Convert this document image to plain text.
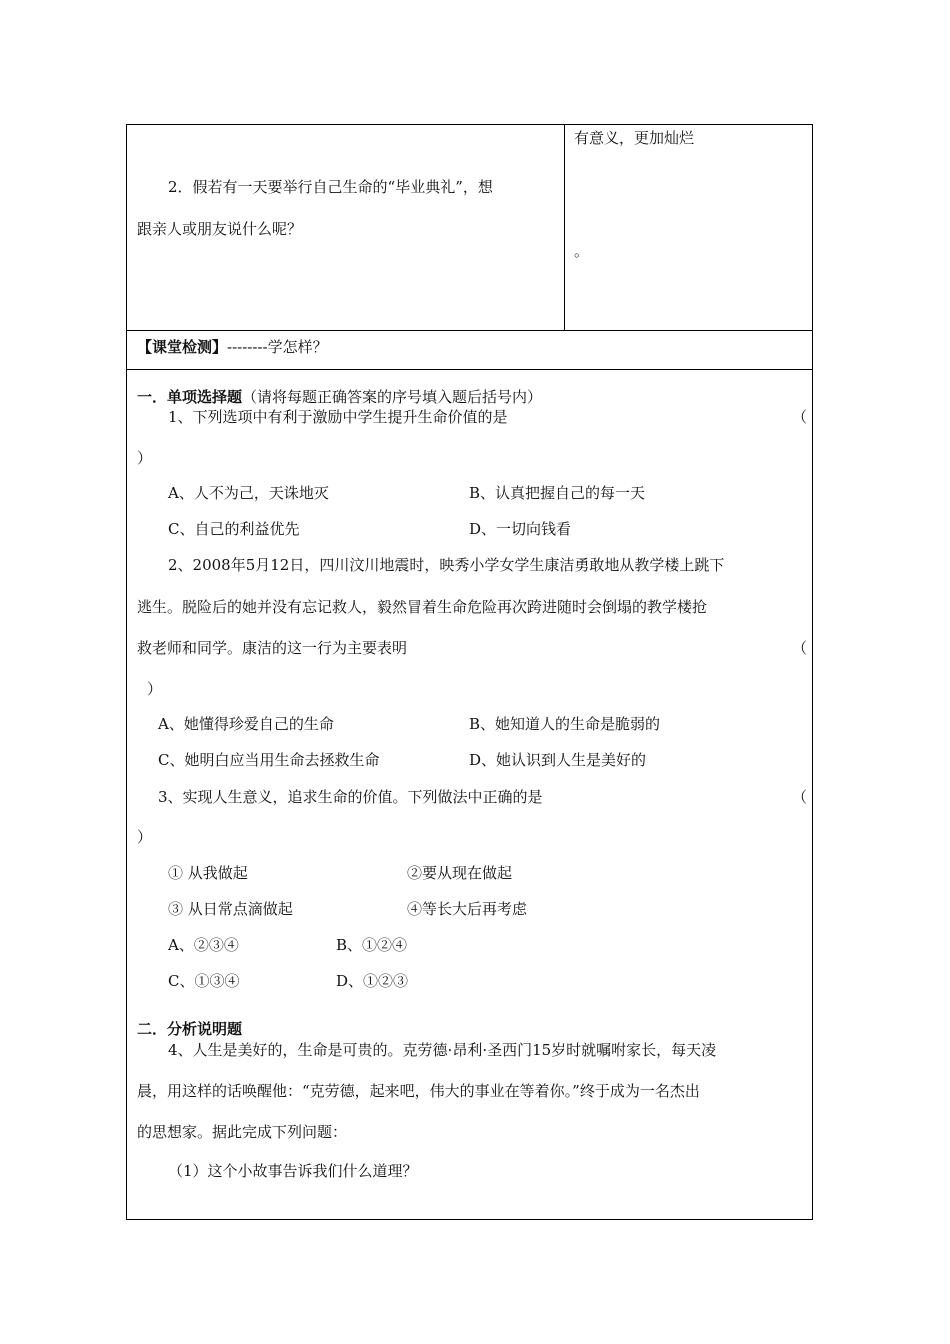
2．假若有一天要举行自己生命的“毕业典礼”，想
跟亲人或朋友说什么呢？
有意义，更加灿烂
。
【课堂检测】--------学怎样？
一．单项选择题（请将每题正确答案的序号填入题后括号内）
1、下列选项中有利于激励中学生提升生命价值的是	（
）
A、人不为己，天诛地灭	B、认真把握自己的每一天
C、自己的利益优先	D、一切向钱看
2、2008年5月12日，四川汶川地震时，映秀小学女学生康洁勇敢地从教学楼上跳下
逃生。脱险后的她并没有忘记救人，毅然冒着生命危险再次跨进随时会倒塌的教学楼抢
救老师和同学。康洁的这一行为主要表明	（
）
A、她懂得珍爱自己的生命	B、她知道人的生命是脆弱的
C、她明白应当用生命去拯救生命	D、她认识到人生是美好的
3、实现人生意义，追求生命的价值。下列做法中正确的是	（
）
① 从我做起	②要从现在做起
③ 从日常点滴做起	④等长大后再考虑
A、②③④	B、①②④
C、①③④	D、①②③
二．分析说明题
4、人生是美好的，生命是可贵的。克劳德·昂利·圣西门15岁时就嘱咐家长，每天凌
晨，用这样的话唤醒他：“克劳德，起来吧，伟大的事业在等着你。”终于成为一名杰出
的思想家。据此完成下列问题：
（1）这个小故事告诉我们什么道理？
